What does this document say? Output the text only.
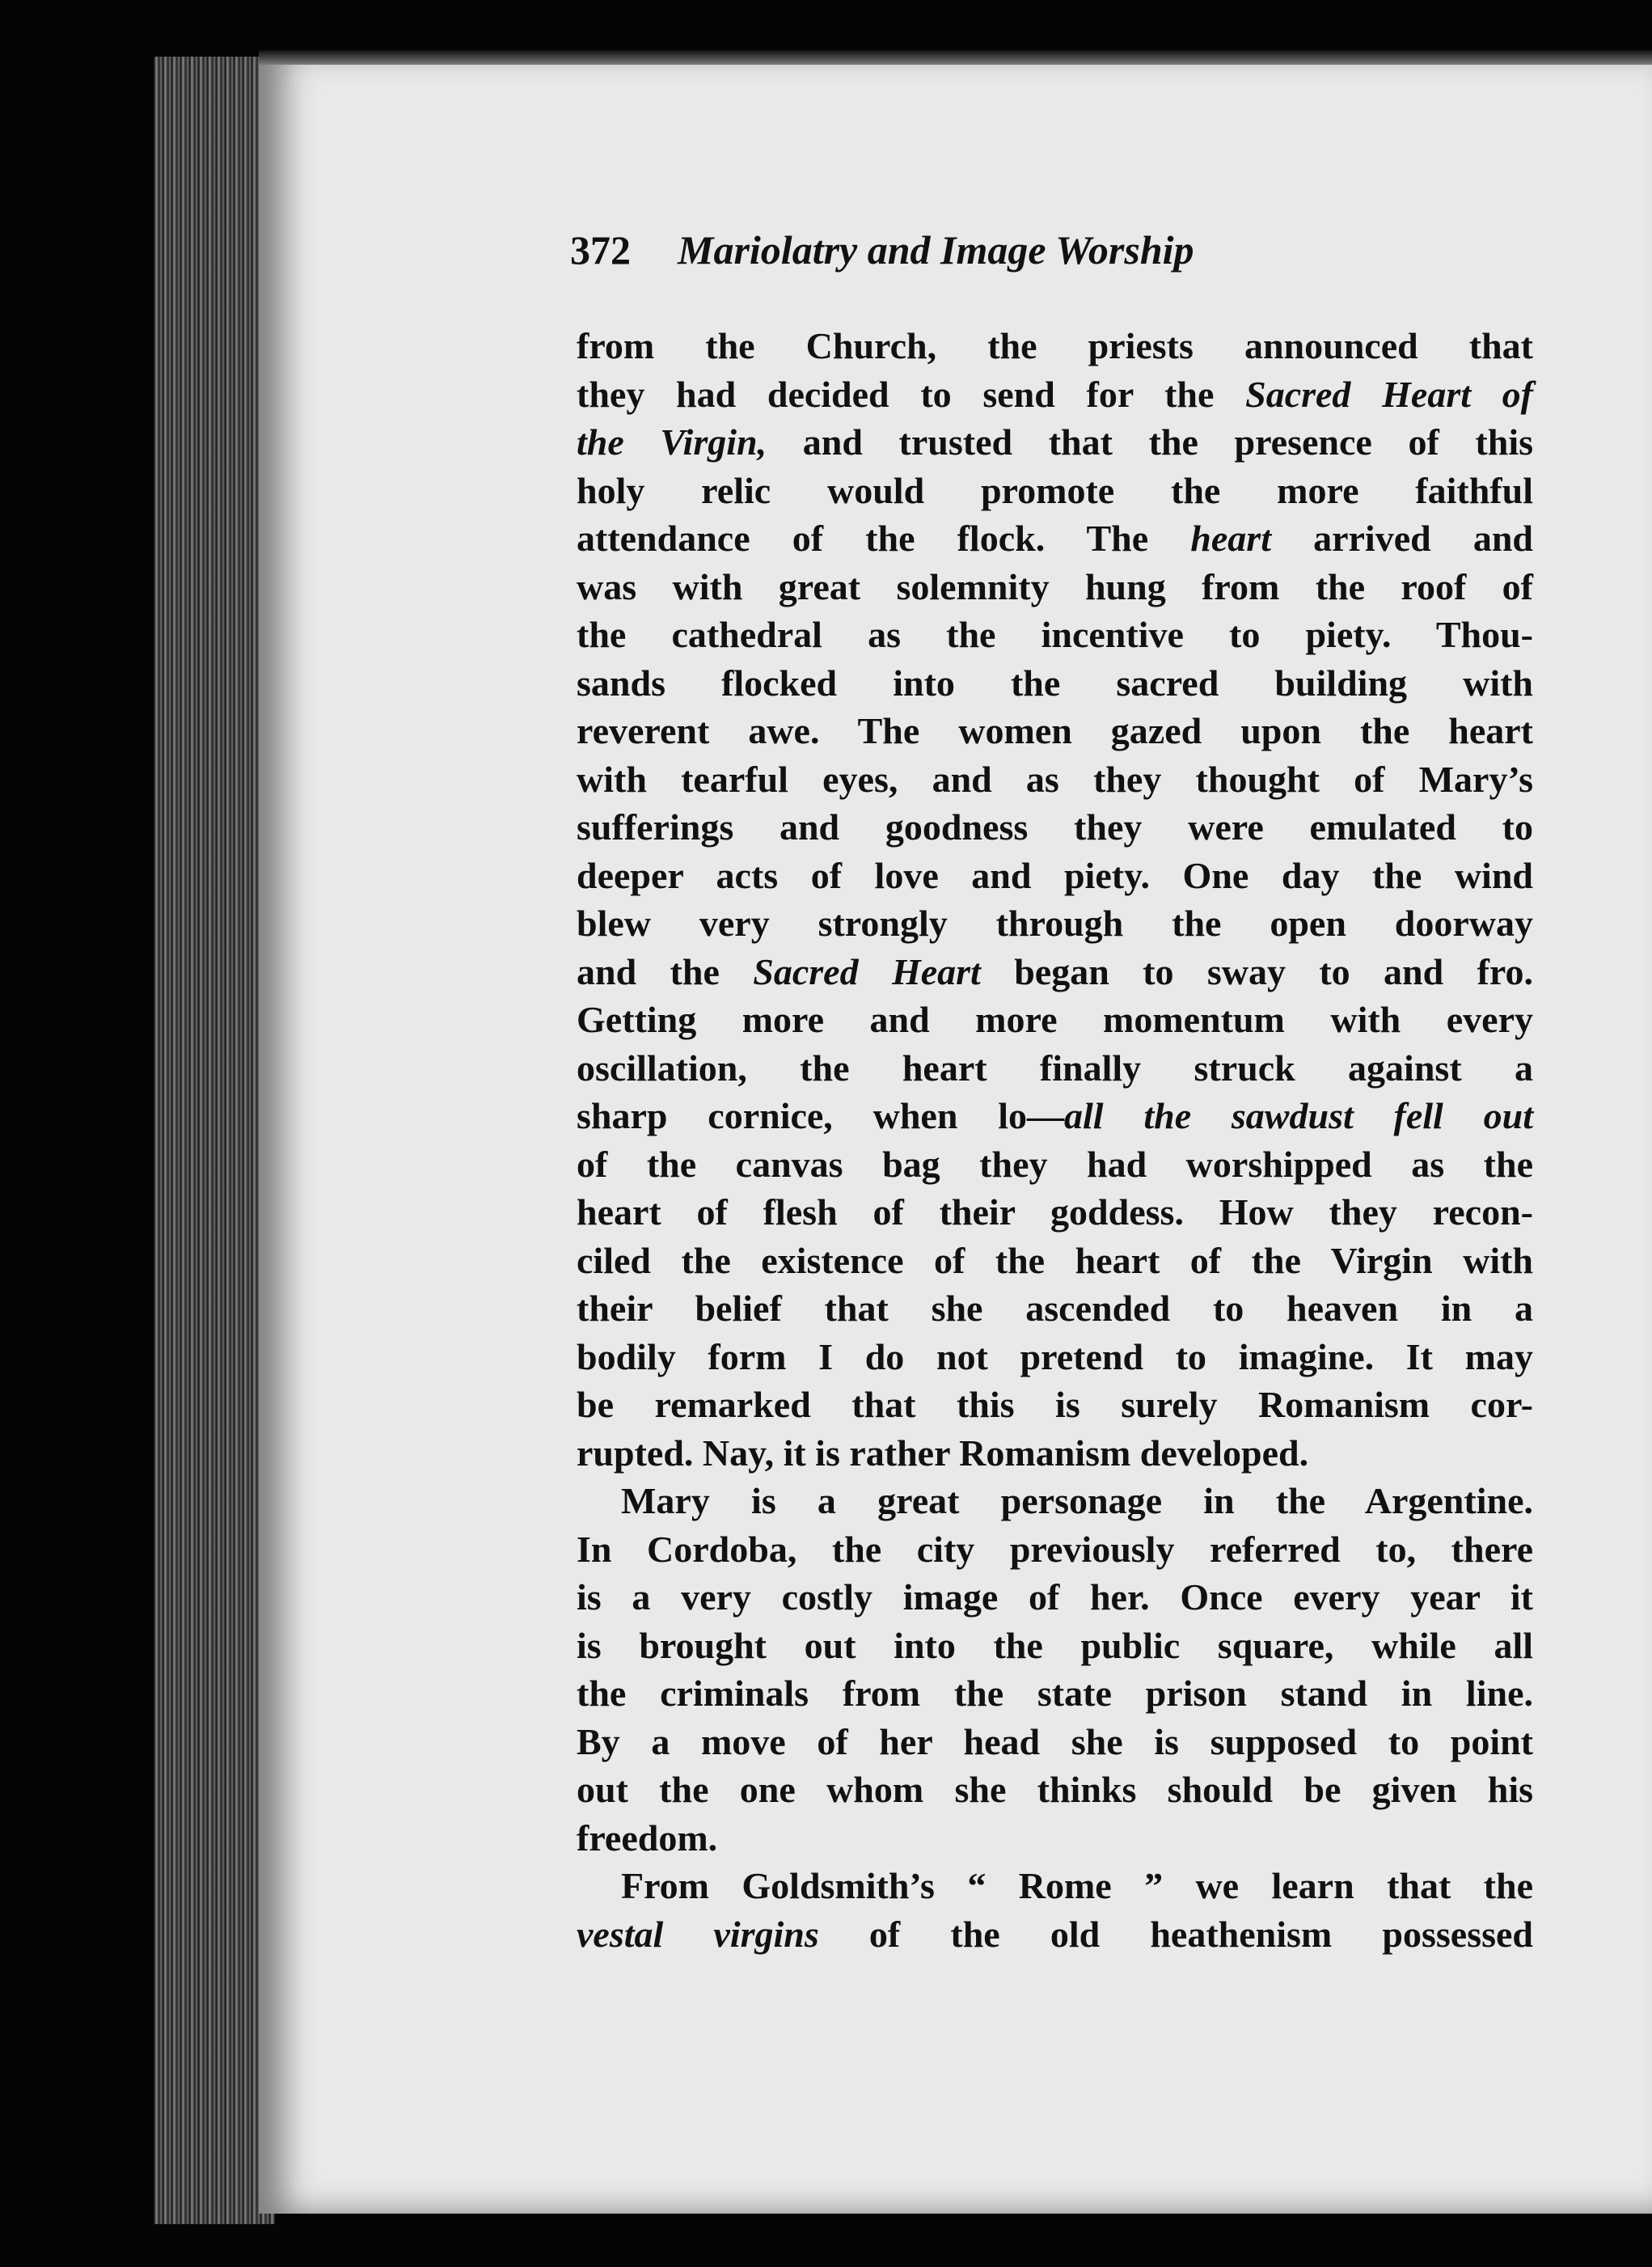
372 Mariolatry and Image Worship
from the Church, the priests announced that
they had decided to send for the Sacred Heart of
the Virgin, and trusted that the presence of this
holy relic would promote the more faithful
attendance of the flock. The heart arrived and
was with great solemnity hung from the roof of
the cathedral as the incentive to piety. Thou-
sands flocked into the sacred building with
reverent awe. The women gazed upon the heart
with tearful eyes, and as they thought of Mary’s
sufferings and goodness they were emulated to
deeper acts of love and piety. One day the wind
blew very strongly through the open doorway
and the Sacred Heart began to sway to and fro.
Getting more and more momentum with every
oscillation, the heart finally struck against a
sharp cornice, when lo—all the sawdust fell out
of the canvas bag they had worshipped as the
heart of flesh of their goddess. How they recon-
ciled the existence of the heart of the Virgin with
their belief that she ascended to heaven in a
bodily form I do not pretend to imagine. It may
be remarked that this is surely Romanism cor-
rupted. Nay, it is rather Romanism developed.
Mary is a great personage in the Argentine.
In Cordoba, the city previously referred to, there
is a very costly image of her. Once every year it
is brought out into the public square, while all
the criminals from the state prison stand in line.
By a move of her head she is supposed to point
out the one whom she thinks should be given his
freedom.
From Goldsmith’s “ Rome ” we learn that the
vestal virgins of the old heathenism possessed
